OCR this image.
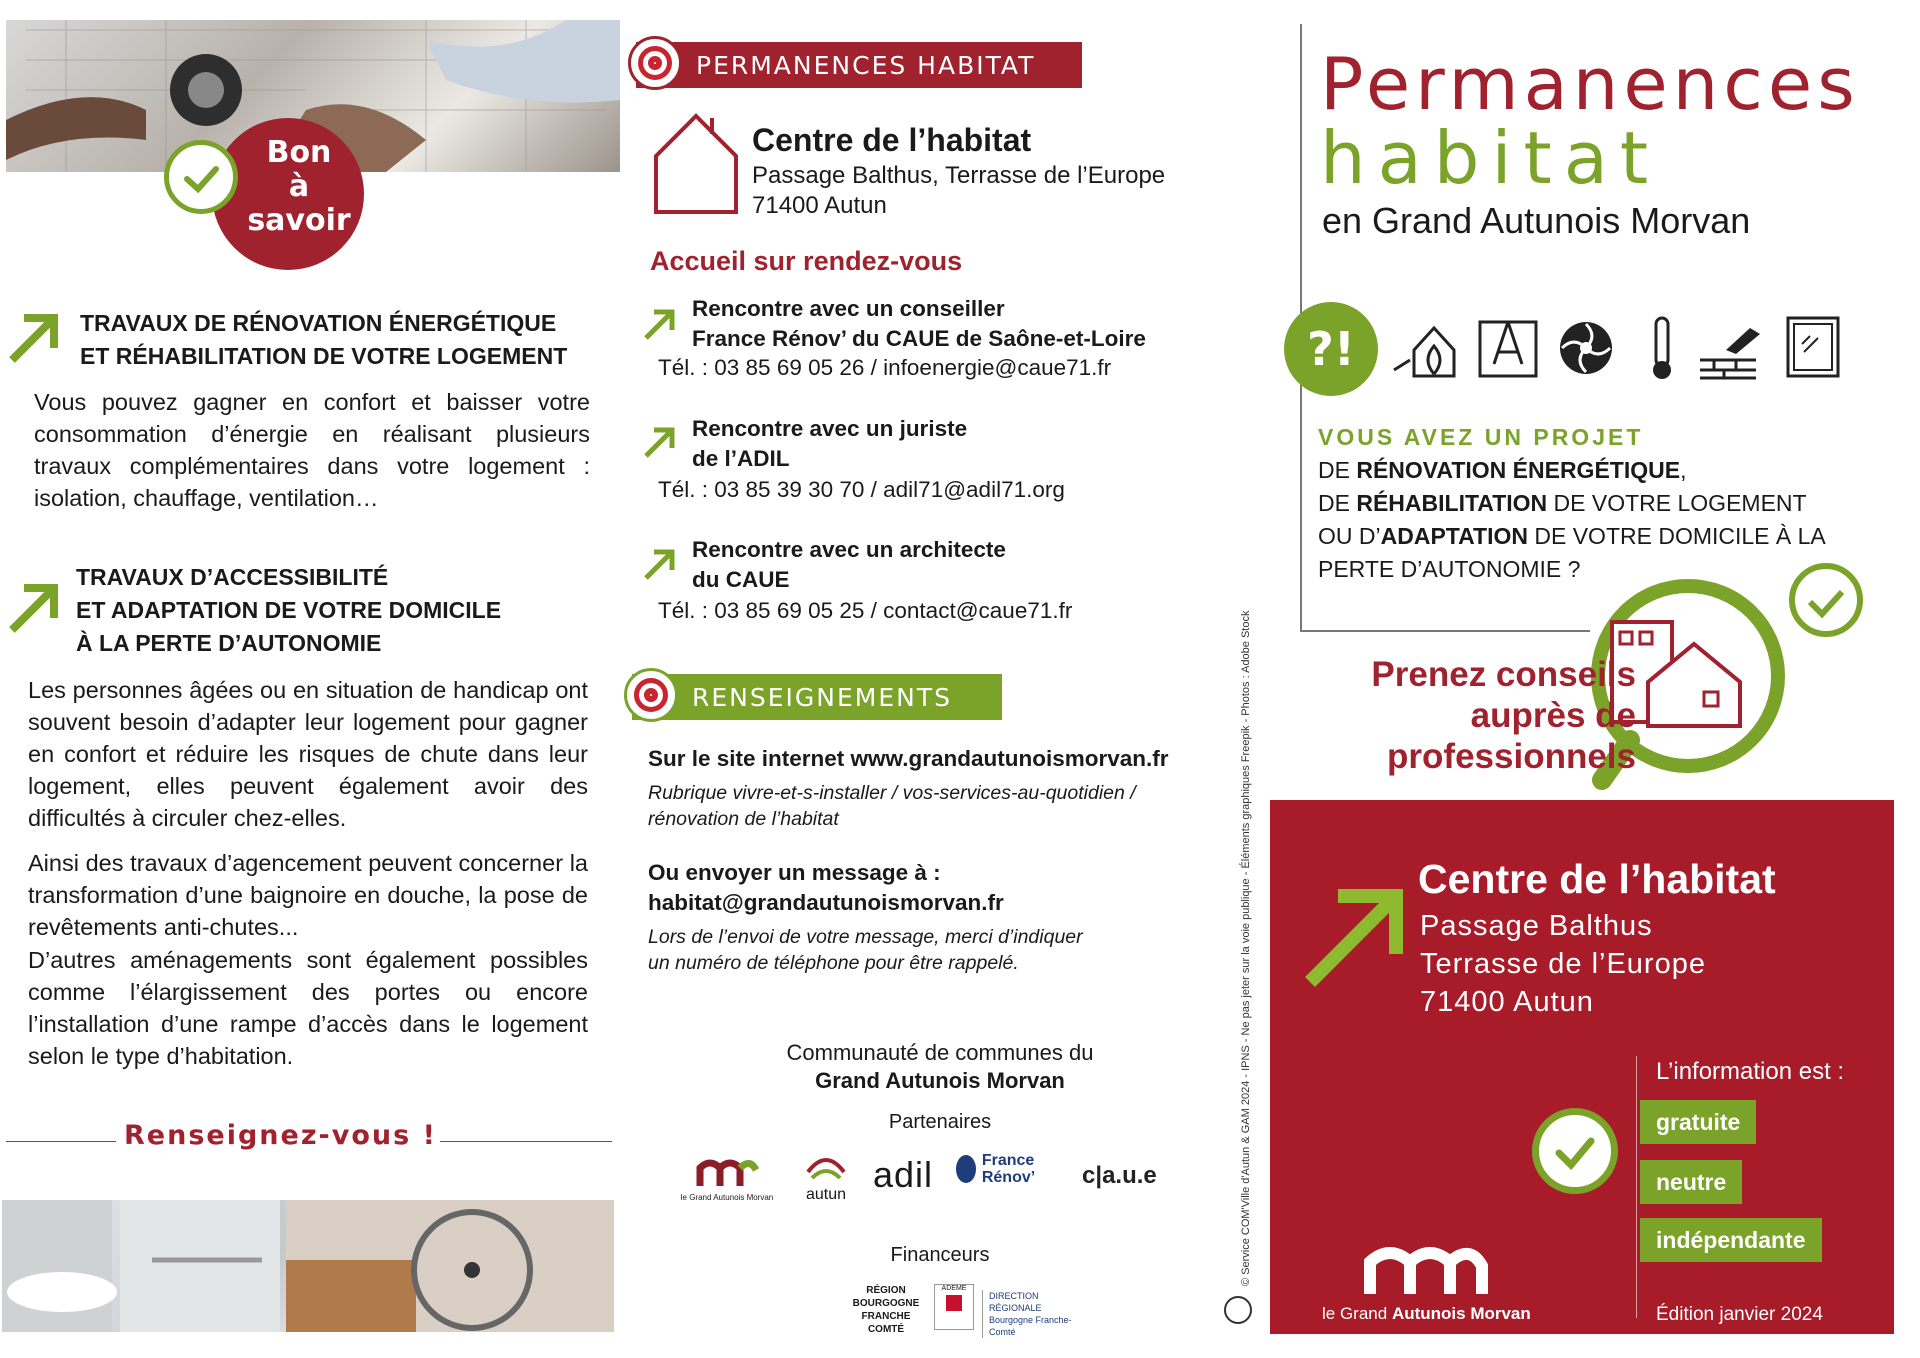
Bon
à
savoir
TRAVAUX DE RÉNOVATION ÉNERGÉTIQUE
ET RÉHABILITATION DE VOTRE LOGEMENT

Vous pouvez gagner en confort et baisser votre consommation d’énergie en réalisant plusieurs travaux complémentaires dans votre logement : isolation, chauffage, ventilation…

TRAVAUX D’ACCESSIBILITÉ
ET ADAPTATION DE VOTRE DOMICILE
À LA PERTE D’AUTONOMIE

Les personnes âgées ou en situation de handicap ont souvent besoin d’adapter leur logement pour gagner en confort et réduire les risques de chute dans leur logement, elles peuvent également avoir des difficultés à circuler chez-elles.

Ainsi des travaux d’agencement peuvent concerner la transformation d’une baignoire en douche, la pose de revêtements anti-chutes...

D’autres aménagements sont également possibles comme l’élargissement des portes ou encore l’installation d’une rampe d’accès dans le logement selon le type d’habitation.

Renseignez-vous !
PERMANENCES HABITAT
Centre de l’habitat
Passage Balthus, Terrasse de l’Europe
71400 Autun
Accueil sur rendez-vous
Rencontre avec un conseiller
France Rénov’ du CAUE de Saône-et-Loire
Tél. : 03 85 69 05 26 / infoenergie@caue71.fr
Rencontre avec un juriste
de l’ADIL
Tél. : 03 85 39 30 70 / adil71@adil71.org
Rencontre avec un architecte
du CAUE
Tél. : 03 85 69 05 25 / contact@caue71.fr
RENSEIGNEMENTS
Sur le site internet www.grandautunoismorvan.fr
Rubrique vivre-et-s-installer / vos-services-au-quotidien / rénovation de l’habitat
Ou envoyer un message à :
habitat@grandautunoismorvan.fr
Lors de l’envoi de votre message, merci d’indiquer un numéro de téléphone pour être rappelé.
Communauté de communes du
Grand Autunois Morvan
Partenaires
le Grand Autunois Morvan	autun adil	France Rénov’	c|a.u.e
Financeurs
RÉGION BOURGOGNE FRANCHE COMTÉ
ADEME
DIRECTION RÉGIONALE Bourgogne Franche-Comté
© Service COM'Ville d'Autun & GAM 2024 - IPNS - Ne pas jeter sur la voie publique - Éléments graphiques Freepik - Photos : Adobe Stock
Permanences
habitat
en Grand Autunois Morvan
?!
VOUS AVEZ UN PROJET
DE RÉNOVATION ÉNERGÉTIQUE,
DE RÉHABILITATION DE VOTRE LOGEMENT
OU D’ADAPTATION DE VOTRE DOMICILE À LA
PERTE D’AUTONOMIE ?
Prenez conseils
auprès de
professionnels
Centre de l’habitat
Passage Balthus
Terrasse de l’Europe
71400 Autun
L’information est :
gratuite
neutre
indépendante
le Grand Autunois Morvan	Édition janvier 2024
